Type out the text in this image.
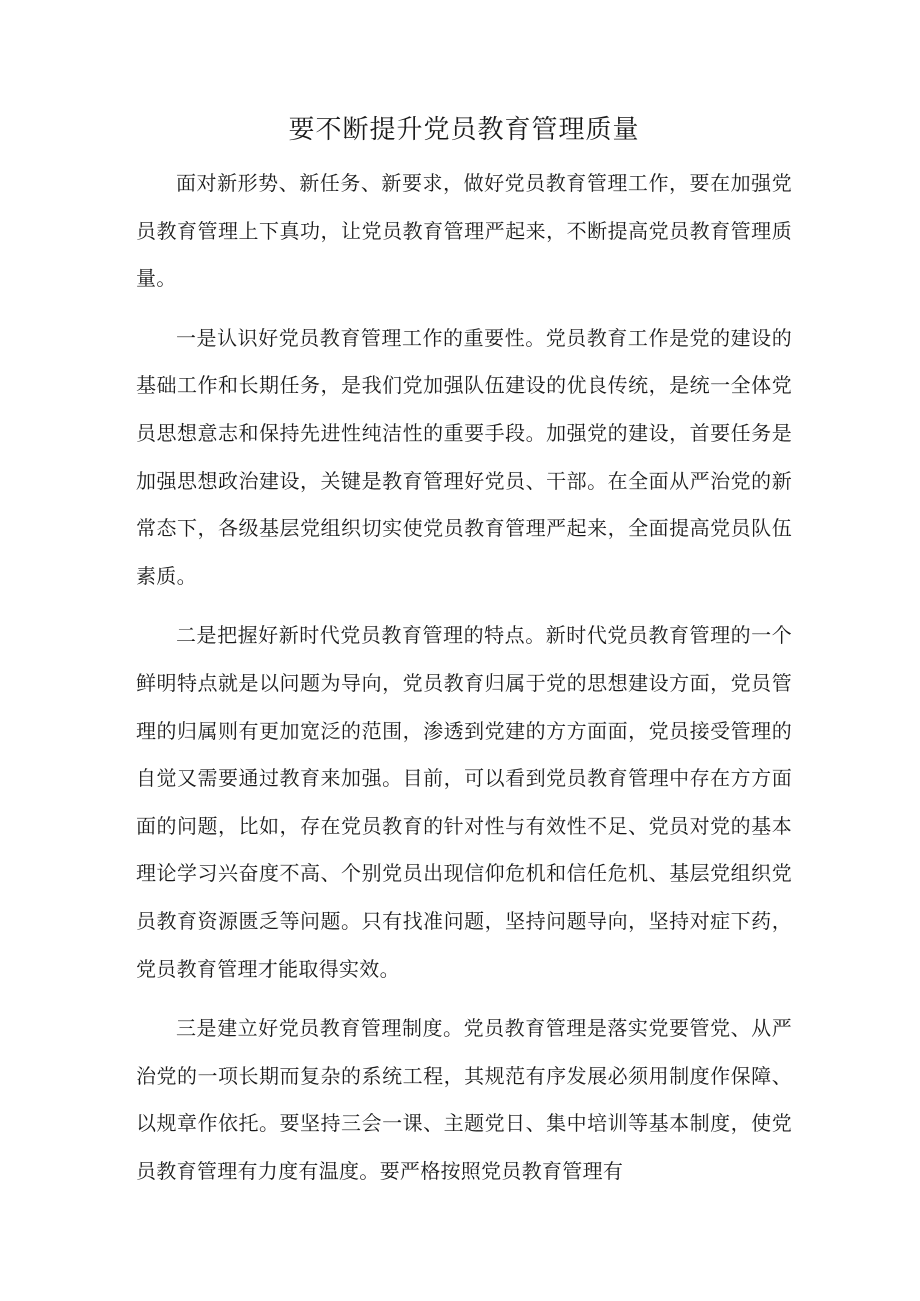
要不断提升党员教育管理质量

面对新形势、新任务、新要求，做好党员教育管理工作，要在加强党员教育管理上下真功，让党员教育管理严起来，不断提高党员教育管理质量。

一是认识好党员教育管理工作的重要性。党员教育工作是党的建设的基础工作和长期任务，是我们党加强队伍建设的优良传统，是统一全体党员思想意志和保持先进性纯洁性的重要手段。加强党的建设，首要任务是加强思想政治建设，关键是教育管理好党员、干部。在全面从严治党的新常态下，各级基层党组织切实使党员教育管理严起来，全面提高党员队伍素质。

二是把握好新时代党员教育管理的特点。新时代党员教育管理的一个鲜明特点就是以问题为导向，党员教育归属于党的思想建设方面，党员管理的归属则有更加宽泛的范围，渗透到党建的方方面面，党员接受管理的自觉又需要通过教育来加强。目前，可以看到党员教育管理中存在方方面面的问题，比如，存在党员教育的针对性与有效性不足、党员对党的基本理论学习兴奋度不高、个别党员出现信仰危机和信任危机、基层党组织党员教育资源匮乏等问题。只有找准问题，坚持问题导向，坚持对症下药，党员教育管理才能取得实效。

三是建立好党员教育管理制度。党员教育管理是落实党要管党、从严治党的一项长期而复杂的系统工程，其规范有序发展必须用制度作保障、以规章作依托。要坚持三会一课、主题党日、集中培训等基本制度，使党员教育管理有力度有温度。要严格按照党员教育管理有
